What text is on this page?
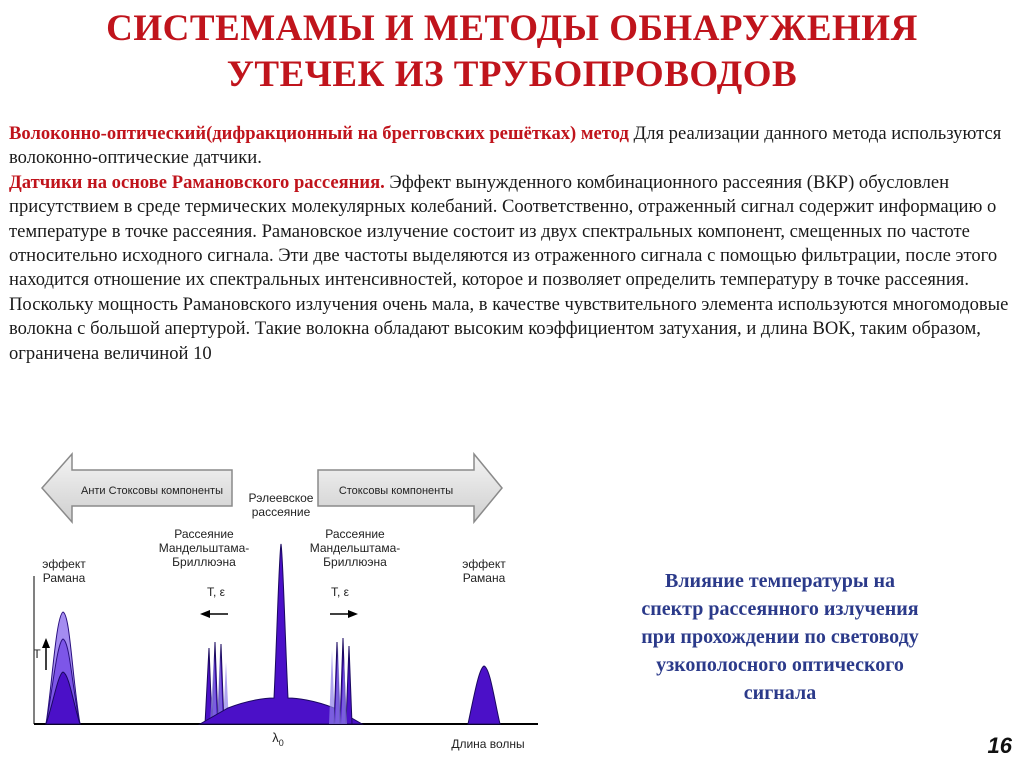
СИСТЕМАМЫ И МЕТОДЫ ОБНАРУЖЕНИЯ
УТЕЧЕК ИЗ ТРУБОПРОВОДОВ
Волоконно-оптический(дифракционный на брегговских решётках) метод Для реализации данного метода используются волоконно-оптические датчики.
Датчики на основе Рамановского рассеяния. Эффект вынужденного комбинационного рассеяния (ВКР) обусловлен присутствием в среде термических молекулярных колебаний. Соответственно, отраженный сигнал содержит информацию о температуре в точке рассеяния. Рамановское излучение состоит из двух спектральных компонент, смещенных по частоте относительно исходного сигнала. Эти две частоты выделяются из отраженного сигнала с помощью фильтрации, после этого находится отношение их спектральных интенсивностей, которое и позволяет определить температуру в точке рассеяния. Поскольку мощность Рамановского излучения очень мала, в качестве чувствительного элемента используются многомодовые волокна с большой апертурой. Такие волокна обладают высоким коэффициентом затухания, и длина ВОК, таким образом, ограничена величиной 10
Анти Стоксовы компоненты	Стоксовы компоненты
T
эффект
Рамана
Рассеяние
Мандельштама-
Бриллюэна
T, ε
Рэлеевское
рассеяние
Рассеяние
Мандельштама-
Бриллюэна
T, ε
эффект
Рамана
$\lambda_0$	Длина волны
Влияние температуры на
спектр рассеянного излучения
при прохождении по световоду
узкополосного оптического
сигнала
16
